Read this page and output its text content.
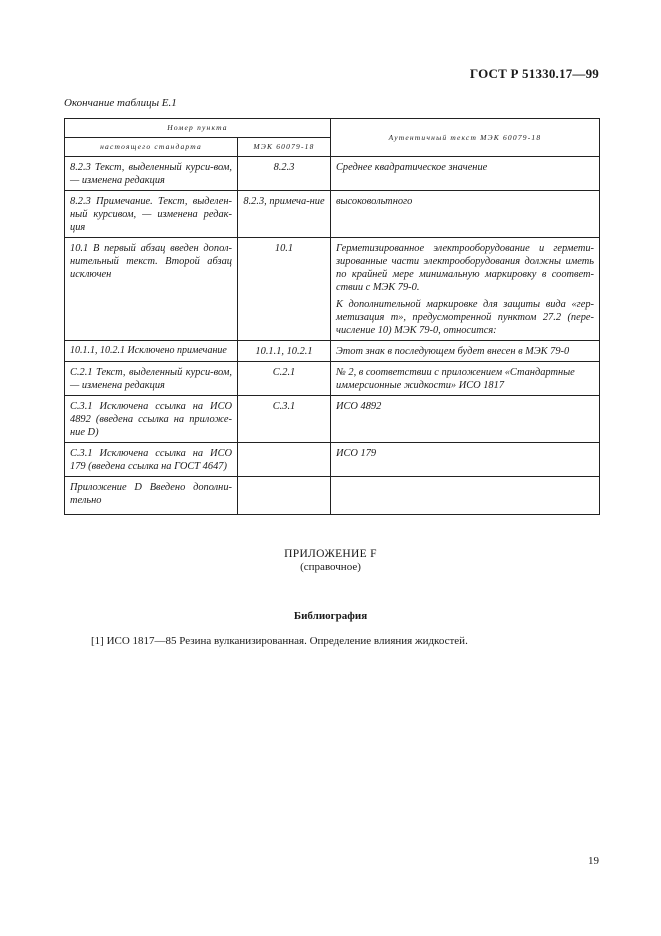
ГОСТ Р 51330.17—99
Окончание таблицы Е.1
Номер пункта		Аутентичный текст МЭК 60079-18
настоящего стандарта	МЭК 60079-18	
8.2.3 Текст, выделенный курси-вом, — изменена редакция	8.2.3	Среднее квадратическое значение
8.2.3 Примечание. Текст, выделен-ный курсивом, — изменена редак-ция	8.2.3, примеча-ние	высоковольтного
10.1 В первый абзац введен допол-нительный текст. Второй абзац исключен	10.1	Герметизированное электрооборудование и гермети-зированные части электрооборудования должны иметь по крайней мере минимальную маркировку в соответ-ствии с МЭК 79-0.
К дополнительной маркировке для защиты вида «гер-метизация т», предусмотренной пунктом 27.2 (пере-числение 10) МЭК 79-0, относится:

10.1.1, 10.2.1 Исключено примечание	10.1.1, 10.2.1	Этот знак в последующем будет внесен в МЭК 79-0
С.2.1 Текст, выделенный курси-вом, — изменена редакция	С.2.1	№ 2, в соответствии с приложением «Стандартные иммерсионные жидкости» ИСО 1817
С.3.1 Исключена ссылка на ИСО 4892 (введена ссылка на приложе-ние D)	С.3.1	ИСО 4892
С.3.1 Исключена ссылка на ИСО 179 (введена ссылка на ГОСТ 4647)		ИСО 179
Приложение D Введено дополни-тельно		
ПРИЛОЖЕНИЕ F
(справочное)
Библиография
[1] ИСО 1817—85 Резина вулканизированная. Определение влияния жидкостей.
19
